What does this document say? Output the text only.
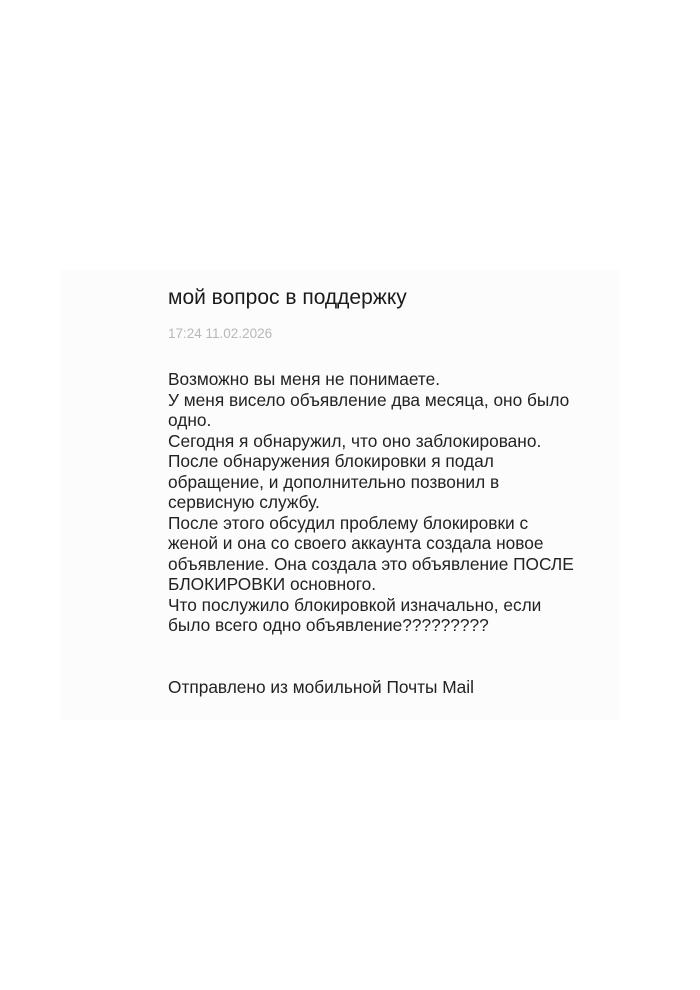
мой вопрос в поддержку
17:24 11.02.2026
Возможно вы меня не понимаете.
У меня висело объявление два месяца, оно было
одно.
Сегодня я обнаружил, что оно заблокировано.
После обнаружения блокировки я подал
обращение, и дополнительно позвонил в
сервисную службу.
После этого обсудил проблему блокировки с
женой и она со своего аккаунта создала новое
объявление. Она создала это объявление ПОСЛЕ
БЛОКИРОВКИ основного.
Что послужило блокировкой изначально, если
было всего одно объявление?????????
Отправлено из мобильной Почты Mail
